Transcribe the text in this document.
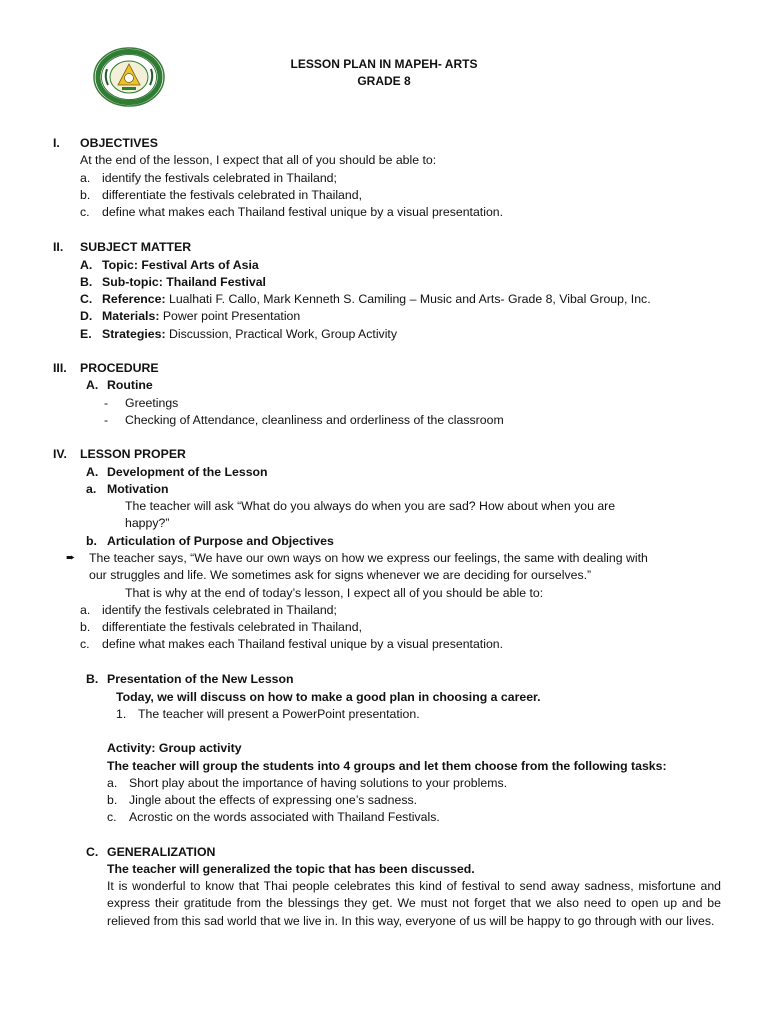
LESSON PLAN IN MAPEH- ARTS
GRADE 8
I. OBJECTIVES
At the end of the lesson, I expect that all of you should be able to:
a. identify the festivals celebrated in Thailand;
b. differentiate the festivals celebrated in Thailand,
c. define what makes each Thailand festival unique by a visual presentation.
II. SUBJECT MATTER
A. Topic: Festival Arts of Asia
B. Sub-topic: Thailand Festival
C. Reference: Lualhati F. Callo, Mark Kenneth S. Camiling – Music and Arts- Grade 8, Vibal Group, Inc.
D. Materials: Power point Presentation
E. Strategies: Discussion, Practical Work, Group Activity
III. PROCEDURE
A. Routine
- Greetings
- Checking of Attendance, cleanliness and orderliness of the classroom
IV. LESSON PROPER
A. Development of the Lesson
a. Motivation
The teacher will ask “What do you always do when you are sad? How about when you are
happy?”
b. Articulation of Purpose and Objectives
➨ The teacher says, “We have our own ways on how we express our feelings, the same with dealing with
our struggles and life. We sometimes ask for signs whenever we are deciding for ourselves.”
That is why at the end of today’s lesson, I expect all of you should be able to:
a. identify the festivals celebrated in Thailand;
b. differentiate the festivals celebrated in Thailand,
c. define what makes each Thailand festival unique by a visual presentation.
B. Presentation of the New Lesson
Today, we will discuss on how to make a good plan in choosing a career.
1. The teacher will present a PowerPoint presentation.
Activity: Group activity
The teacher will group the students into 4 groups and let them choose from the following tasks:
a. Short play about the importance of having solutions to your problems.
b. Jingle about the effects of expressing one’s sadness.
c. Acrostic on the words associated with Thailand Festivals.
C. GENERALIZATION
The teacher will generalized the topic that has been discussed.
It is wonderful to know that Thai people celebrates this kind of festival to send away sadness, misfortune and express their gratitude from the blessings they get. We must not forget that we also need to open up and be relieved from this sad world that we live in. In this way, everyone of us will be happy to go through with our lives.
